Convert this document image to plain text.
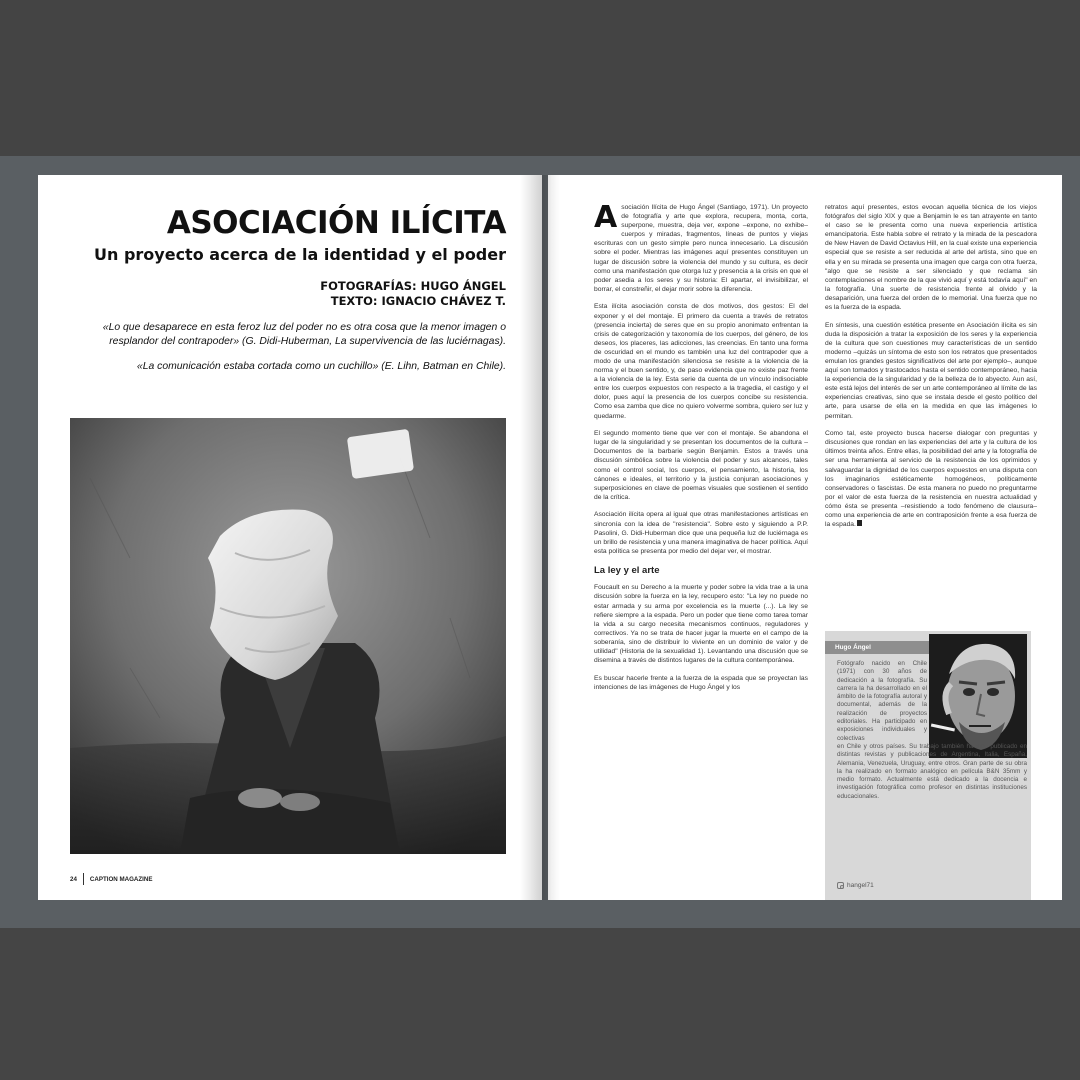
ASOCIACIÓN ILÍCITA
Un proyecto acerca de la identidad y el poder
FOTOGRAFÍAS: HUGO ÁNGEL
TEXTO: IGNACIO CHÁVEZ T.

«Lo que desaparece en esta feroz luz del poder no es otra cosa que la menor imagen o resplandor del contrapoder» (G. Didi-Huberman, La supervivencia de las luciérnagas).

«La comunicación estaba cortada como un cuchillo» (E. Lihn, Batman en Chile).

24 CAPTION MAGAZINE

Asociación Ilícita de Hugo Ángel (Santiago, 1971). Un proyecto de fotografía y arte que explora, recupera, monta, corta, superpone, muestra, deja ver, expone –expone, no exhibe– cuerpos y miradas, fragmentos, líneas de puntos y viejas escrituras con un gesto simple pero nunca innecesario. La discusión sobre el poder. Mientras las imágenes aquí presentes constituyen un lugar de discusión sobre la violencia del mundo y su cultura, es decir como una manifestación que otorga luz y presencia a la crisis en que el poder asedia a los seres y su historia: El apartar, el invisibilizar, el borrar, el constreñir, el dejar morir sobre la diferencia.

Esta ilícita asociación consta de dos motivos, dos gestos: El del exponer y el del montaje. El primero da cuenta a través de retratos (presencia incierta) de seres que en su propio anonimato enfrentan la crisis de categorización y taxonomía de los cuerpos, del género, de los deseos, los placeres, las adicciones, las creencias. En tanto una forma de oscuridad en el mundo es también una luz del contrapoder que a modo de una manifestación silenciosa se resiste a la violencia de la norma y el buen sentido, y, de paso evidencia que no existe paz frente a la violencia de la ley. Esta serie da cuenta de un vínculo indisociable entre los cuerpos expuestos con respecto a la tragedia, el castigo y el dolor, pues aquí la presencia de los cuerpos concibe su resistencia. Como esa zamba que dice no quiero volverme sombra, quiero ser luz y quedarme.

El segundo momento tiene que ver con el montaje. Se abandona el lugar de la singularidad y se presentan los documentos de la cultura –Documentos de la barbarie según Benjamin. Estos a través una discusión simbólica sobre la violencia del poder y sus alcances, tales como el control social, los cuerpos, el pensamiento, la historia, los cánones e ideales, el territorio y la justicia conjuran asociaciones y superposiciones en clave de poemas visuales que sostienen el sentido de la crítica.

Asociación ilícita opera al igual que otras manifestaciones artísticas en sincronía con la idea de "resistencia". Sobre esto y siguiendo a P.P. Pasolini, G. Didi-Huberman dice que una pequeña luz de luciérnaga es un brillo de resistencia y una manera imaginativa de hacer política. Aquí esta política se presenta por medio del dejar ver, el mostrar.

La ley y el arte

Foucault en su Derecho a la muerte y poder sobre la vida trae a la una discusión sobre la fuerza en la ley, recupero esto: "La ley no puede no estar armada y su arma por excelencia es la muerte (...). La ley se refiere siempre a la espada. Pero un poder que tiene como tarea tomar la vida a su cargo necesita mecanismos continuos, reguladores y correctivos. Ya no se trata de hacer jugar la muerte en el campo de la soberanía, sino de distribuir lo viviente en un dominio de valor y de utilidad" (Historia de la sexualidad 1). Levantando una discusión que se disemina a través de distintos lugares de la cultura contemporánea.

Es buscar hacerle frente a la fuerza de la espada que se proyectan las intenciones de las imágenes de Hugo Ángel y los

retratos aquí presentes, estos evocan aquella técnica de los viejos fotógrafos del siglo XIX y que a Benjamin le es tan atrayente en tanto el caso se le presenta como una nueva experiencia artística emancipatoria. Este habla sobre el retrato y la mirada de la pescadora de New Haven de David Octavius Hill, en la cual existe una experiencia especial que se resiste a ser reducida al arte del artista, sino que en ella y en su mirada se presenta una imagen que carga con otra fuerza, "algo que se resiste a ser silenciado y que reclama sin contemplaciones el nombre de la que vivió aquí y está todavía aquí" en la fotografía. Una suerte de resistencia frente al olvido y la desaparición, una fuerza del orden de lo memorial. Una fuerza que no es la fuerza de la espada.

En síntesis, una cuestión estética presente en Asociación ilícita es sin duda la disposición a tratar la exposición de los seres y la experiencia de la cultura que son cuestiones muy características de un sentido moderno –quizás un síntoma de esto son los retratos que presentados emulan los grandes gestos significativos del arte por ejemplo–, aunque aquí son tomados y trastocados hasta el sentido contemporáneo, hacia la experiencia de la singularidad y de la belleza de lo abyecto. Aun así, este está lejos del interés de ser un arte contemporáneo al límite de las experiencias creativas, sino que se instala desde el gesto político del arte, para usarse de ella en la medida en que las imágenes lo permitan.

Como tal, este proyecto busca hacerse dialogar con preguntas y discusiones que rondan en las experiencias del arte y la cultura de los últimos treinta años. Entre ellas, la posibilidad del arte y la fotografía de ser una herramienta al servicio de la resistencia de los oprimidos y salvaguardar la dignidad de los cuerpos expuestos en una disputa con los imaginarios estéticamente homogéneos, políticamente conservadores o fascistas. De esta manera no puedo no preguntarme por el valor de esta fuerza de la resistencia en nuestra actualidad y cómo ésta se presenta –resistiendo a todo fenómeno de clausura– como una experiencia de arte en contraposición frente a esa fuerza de la espada.

Hugo Ángel
Fotógrafo nacido en Chile (1971) con 30 años de dedicación a la fotografía. Su carrera la ha desarrollado en el ámbito de la fotografía autoral y documental, además de la realización de proyectos editoriales. Ha participado en exposiciones individuales y colectivas
en Chile y otros países. Su trabajo también ha sido publicado en distintas revistas y publicaciones de Argentina, Italia, España, Alemania, Venezuela, Uruguay, entre otros. Gran parte de su obra la ha realizado en formato analógico en película B&N 35mm y medio formato. Actualmente está dedicado a la docencia e investigación fotográfica como profesor en distintas instituciones educacionales.
hangel71
